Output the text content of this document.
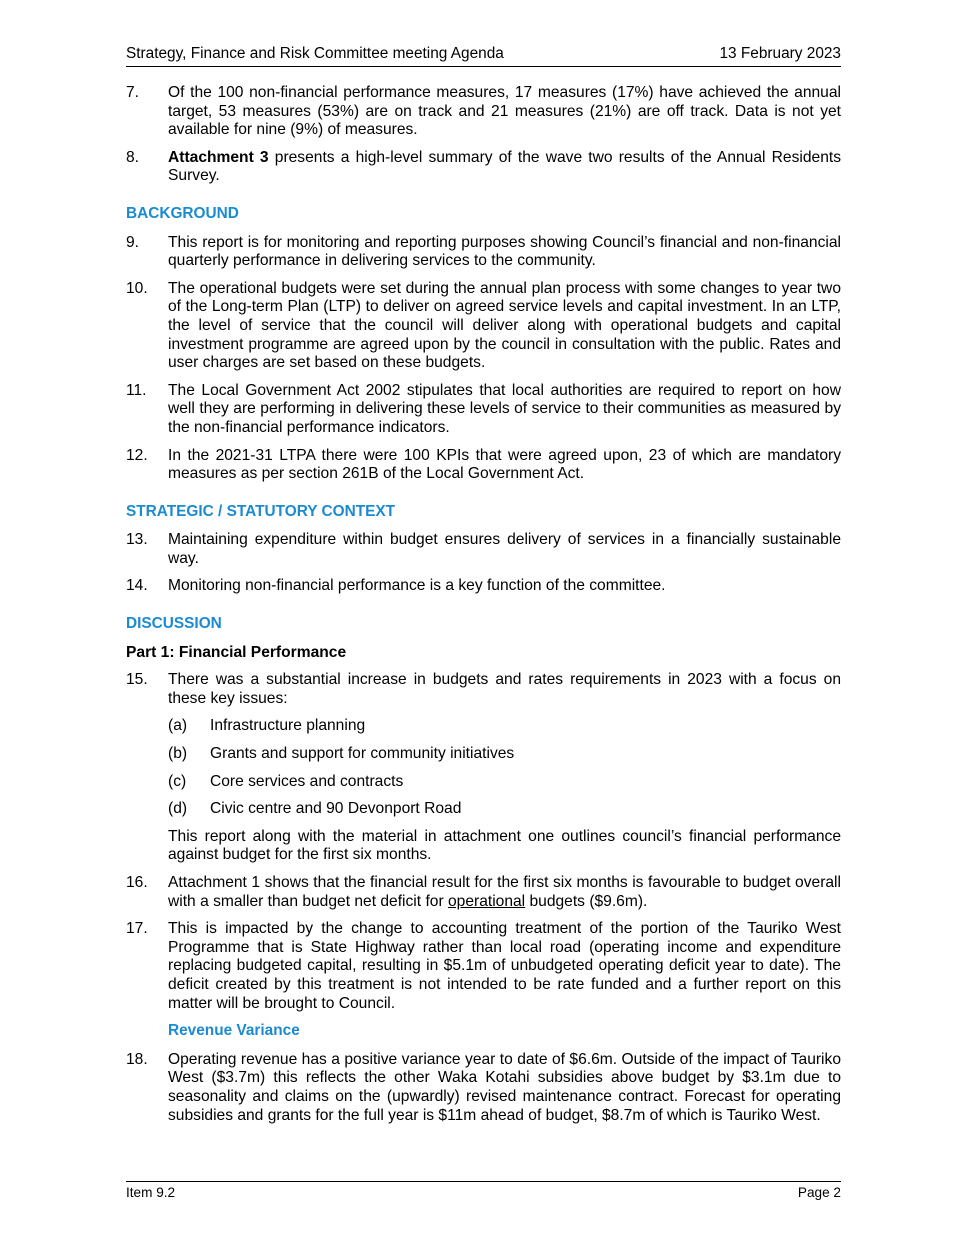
Strategy, Finance and Risk Committee meeting Agenda	13 February 2023
7. Of the 100 non-financial performance measures, 17 measures (17%) have achieved the annual target, 53 measures (53%) are on track and 21 measures (21%) are off track. Data is not yet available for nine (9%) of measures.
8. Attachment 3 presents a high-level summary of the wave two results of the Annual Residents Survey.
BACKGROUND
9. This report is for monitoring and reporting purposes showing Council’s financial and non-financial quarterly performance in delivering services to the community.
10. The operational budgets were set during the annual plan process with some changes to year two of the Long-term Plan (LTP) to deliver on agreed service levels and capital investment. In an LTP, the level of service that the council will deliver along with operational budgets and capital investment programme are agreed upon by the council in consultation with the public. Rates and user charges are set based on these budgets.
11. The Local Government Act 2002 stipulates that local authorities are required to report on how well they are performing in delivering these levels of service to their communities as measured by the non-financial performance indicators.
12. In the 2021-31 LTPA there were 100 KPIs that were agreed upon, 23 of which are mandatory measures as per section 261B of the Local Government Act.
STRATEGIC / STATUTORY CONTEXT
13. Maintaining expenditure within budget ensures delivery of services in a financially sustainable way.
14. Monitoring non-financial performance is a key function of the committee.
DISCUSSION
Part 1: Financial Performance
15. There was a substantial increase in budgets and rates requirements in 2023 with a focus on these key issues:
(a) Infrastructure planning
(b) Grants and support for community initiatives
(c) Core services and contracts
(d) Civic centre and 90 Devonport Road
This report along with the material in attachment one outlines council’s financial performance against budget for the first six months.
16. Attachment 1 shows that the financial result for the first six months is favourable to budget overall with a smaller than budget net deficit for operational budgets ($9.6m).
17. This is impacted by the change to accounting treatment of the portion of the Tauriko West Programme that is State Highway rather than local road (operating income and expenditure replacing budgeted capital, resulting in $5.1m of unbudgeted operating deficit year to date). The deficit created by this treatment is not intended to be rate funded and a further report on this matter will be brought to Council.
Revenue Variance
18. Operating revenue has a positive variance year to date of $6.6m. Outside of the impact of Tauriko West ($3.7m) this reflects the other Waka Kotahi subsidies above budget by $3.1m due to seasonality and claims on the (upwardly) revised maintenance contract. Forecast for operating subsidies and grants for the full year is $11m ahead of budget, $8.7m of which is Tauriko West.
Item 9.2	Page 2
